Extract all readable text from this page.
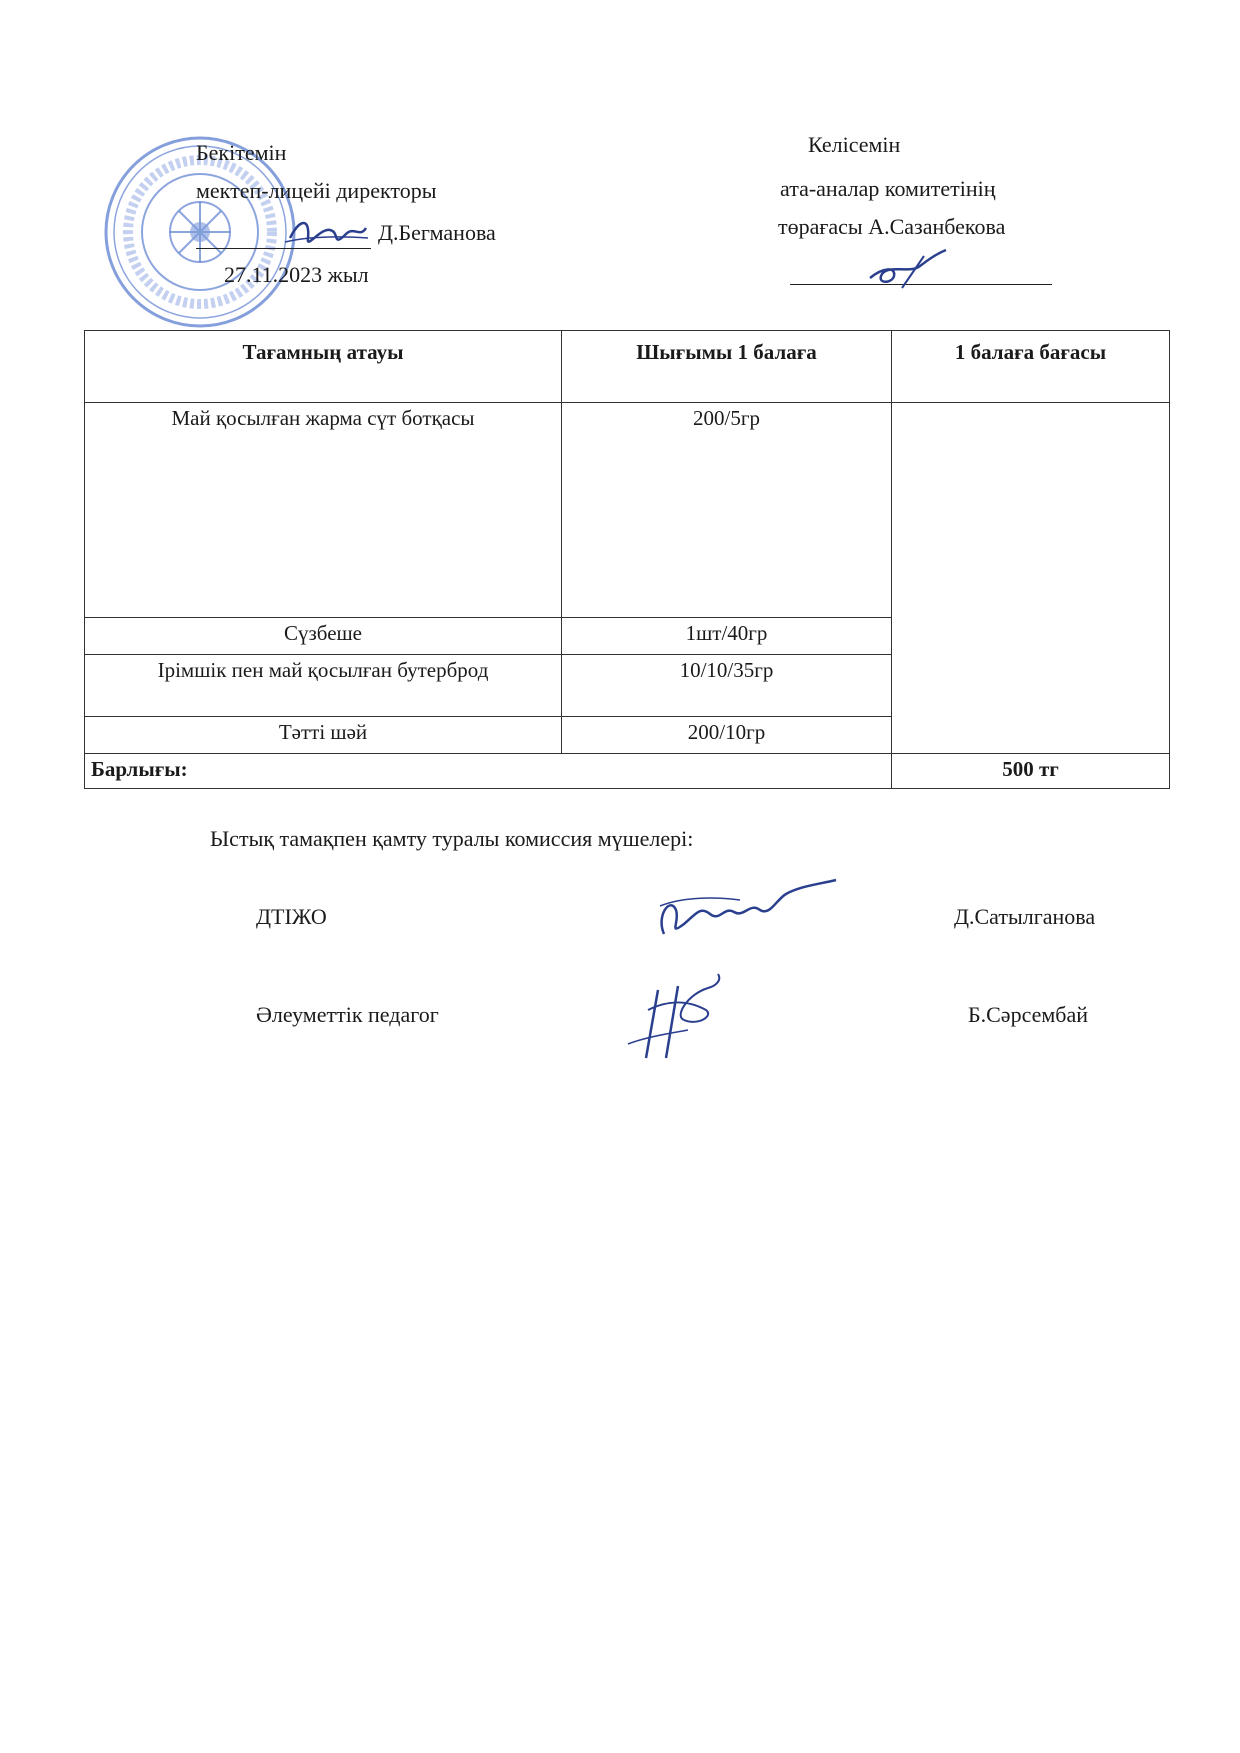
Бекітемін
мектеп-лицейі директоры
Д.Бегманова
27.11.2023 жыл
Келісемін
ата-аналар комитетінің
төрағасы А.Сазанбекова
Тағамның атауы	Шығымы 1 балаға	1 балаға бағасы
Май қосылған жарма сүт ботқасы	200/5гр	
Сүзбеше	1шт/40гр	
Ірімшік пен май қосылған бутерброд	10/10/35гр	
Тәтті шәй	200/10гр	
Барлығы:		500 тг
Ыстық тамақпен қамту туралы комиссия мүшелері:
ДТІЖО	Д.Сатылганова
Әлеуметтік педагог	Б.Сәрсембай
